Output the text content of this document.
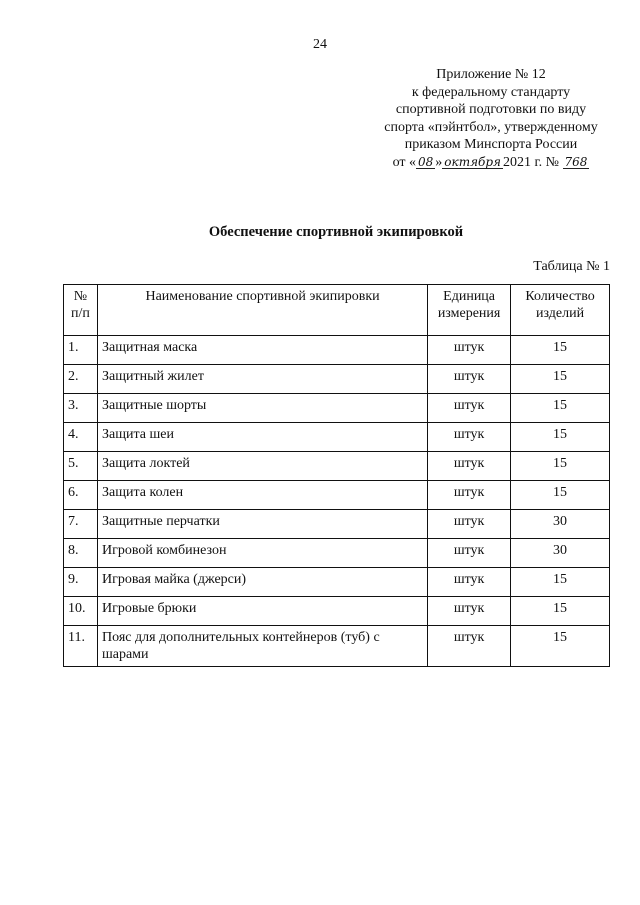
24
Приложение № 12
к федеральному стандарту
спортивной подготовки по виду
спорта «пэйнтбол», утвержденному
приказом Минспорта России
от « 08 » октября 2021 г. № 768
Обеспечение спортивной экипировкой
Таблица № 1
№ п/п	Наименование спортивной экипировки	Единица измерения	Количество изделий
1.	Защитная маска	штук	15
2.	Защитный жилет	штук	15
3.	Защитные шорты	штук	15
4.	Защита шеи	штук	15
5.	Защита локтей	штук	15
6.	Защита колен	штук	15
7.	Защитные перчатки	штук	30
8.	Игровой комбинезон	штук	30
9.	Игровая майка (джерси)	штук	15
10.	Игровые брюки	штук	15
11.	Пояс для дополнительных контейнеров (туб) с шарами	штук	15
